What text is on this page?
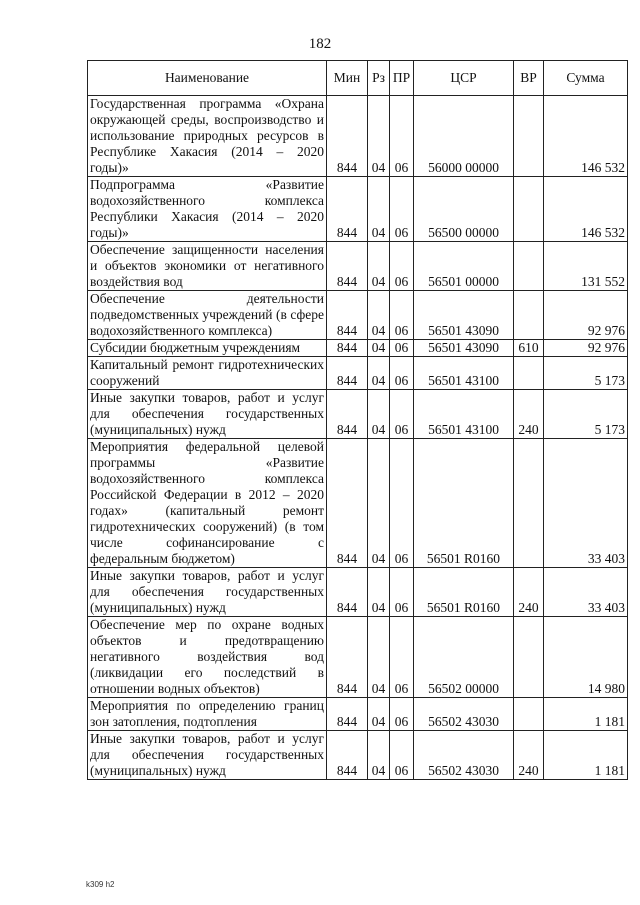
182
Наименование	Мин	Рз	ПР	ЦСР	ВР	Сумма
Государственная программа «Охрана окружающей среды, воспроизводство и использование природных ресурсов в Республике Хакасия (2014 – 2020 годы)»	844	04	06	56000 00000		146 532
Подпрограмма «Развитие водохозяйственного комплекса Республики Хакасия (2014 – 2020 годы)»	844	04	06	56500 00000		146 532
Обеспечение защищенности населения и объектов экономики от негативного воздействия вод	844	04	06	56501 00000		131 552
Обеспечение деятельности подведомственных учреждений (в сфере водохозяйственного комплекса)	844	04	06	56501 43090		92 976
Субсидии бюджетным учреждениям	844	04	06	56501 43090	610	92 976
Капитальный ремонт гидротехнических сооружений	844	04	06	56501 43100		5 173
Иные закупки товаров, работ и услуг для обеспечения государственных (муниципальных) нужд	844	04	06	56501 43100	240	5 173
Мероприятия федеральной целевой программы «Развитие водохозяйственного комплекса Российской Федерации в 2012 – 2020 годах» (капитальный ремонт гидротехнических сооружений) (в том числе софинансирование с федеральным бюджетом)	844	04	06	56501 R0160		33 403
Иные закупки товаров, работ и услуг для обеспечения государственных (муниципальных) нужд	844	04	06	56501 R0160	240	33 403
Обеспечение мер по охране водных объектов и предотвращению негативного воздействия вод (ликвидации его последствий в отношении водных объектов)	844	04	06	56502 00000		14 980
Мероприятия по определению границ зон затопления, подтопления	844	04	06	56502 43030		1 181
Иные закупки товаров, работ и услуг для обеспечения государственных (муниципальных) нужд	844	04	06	56502 43030	240	1 181
k309 h2
